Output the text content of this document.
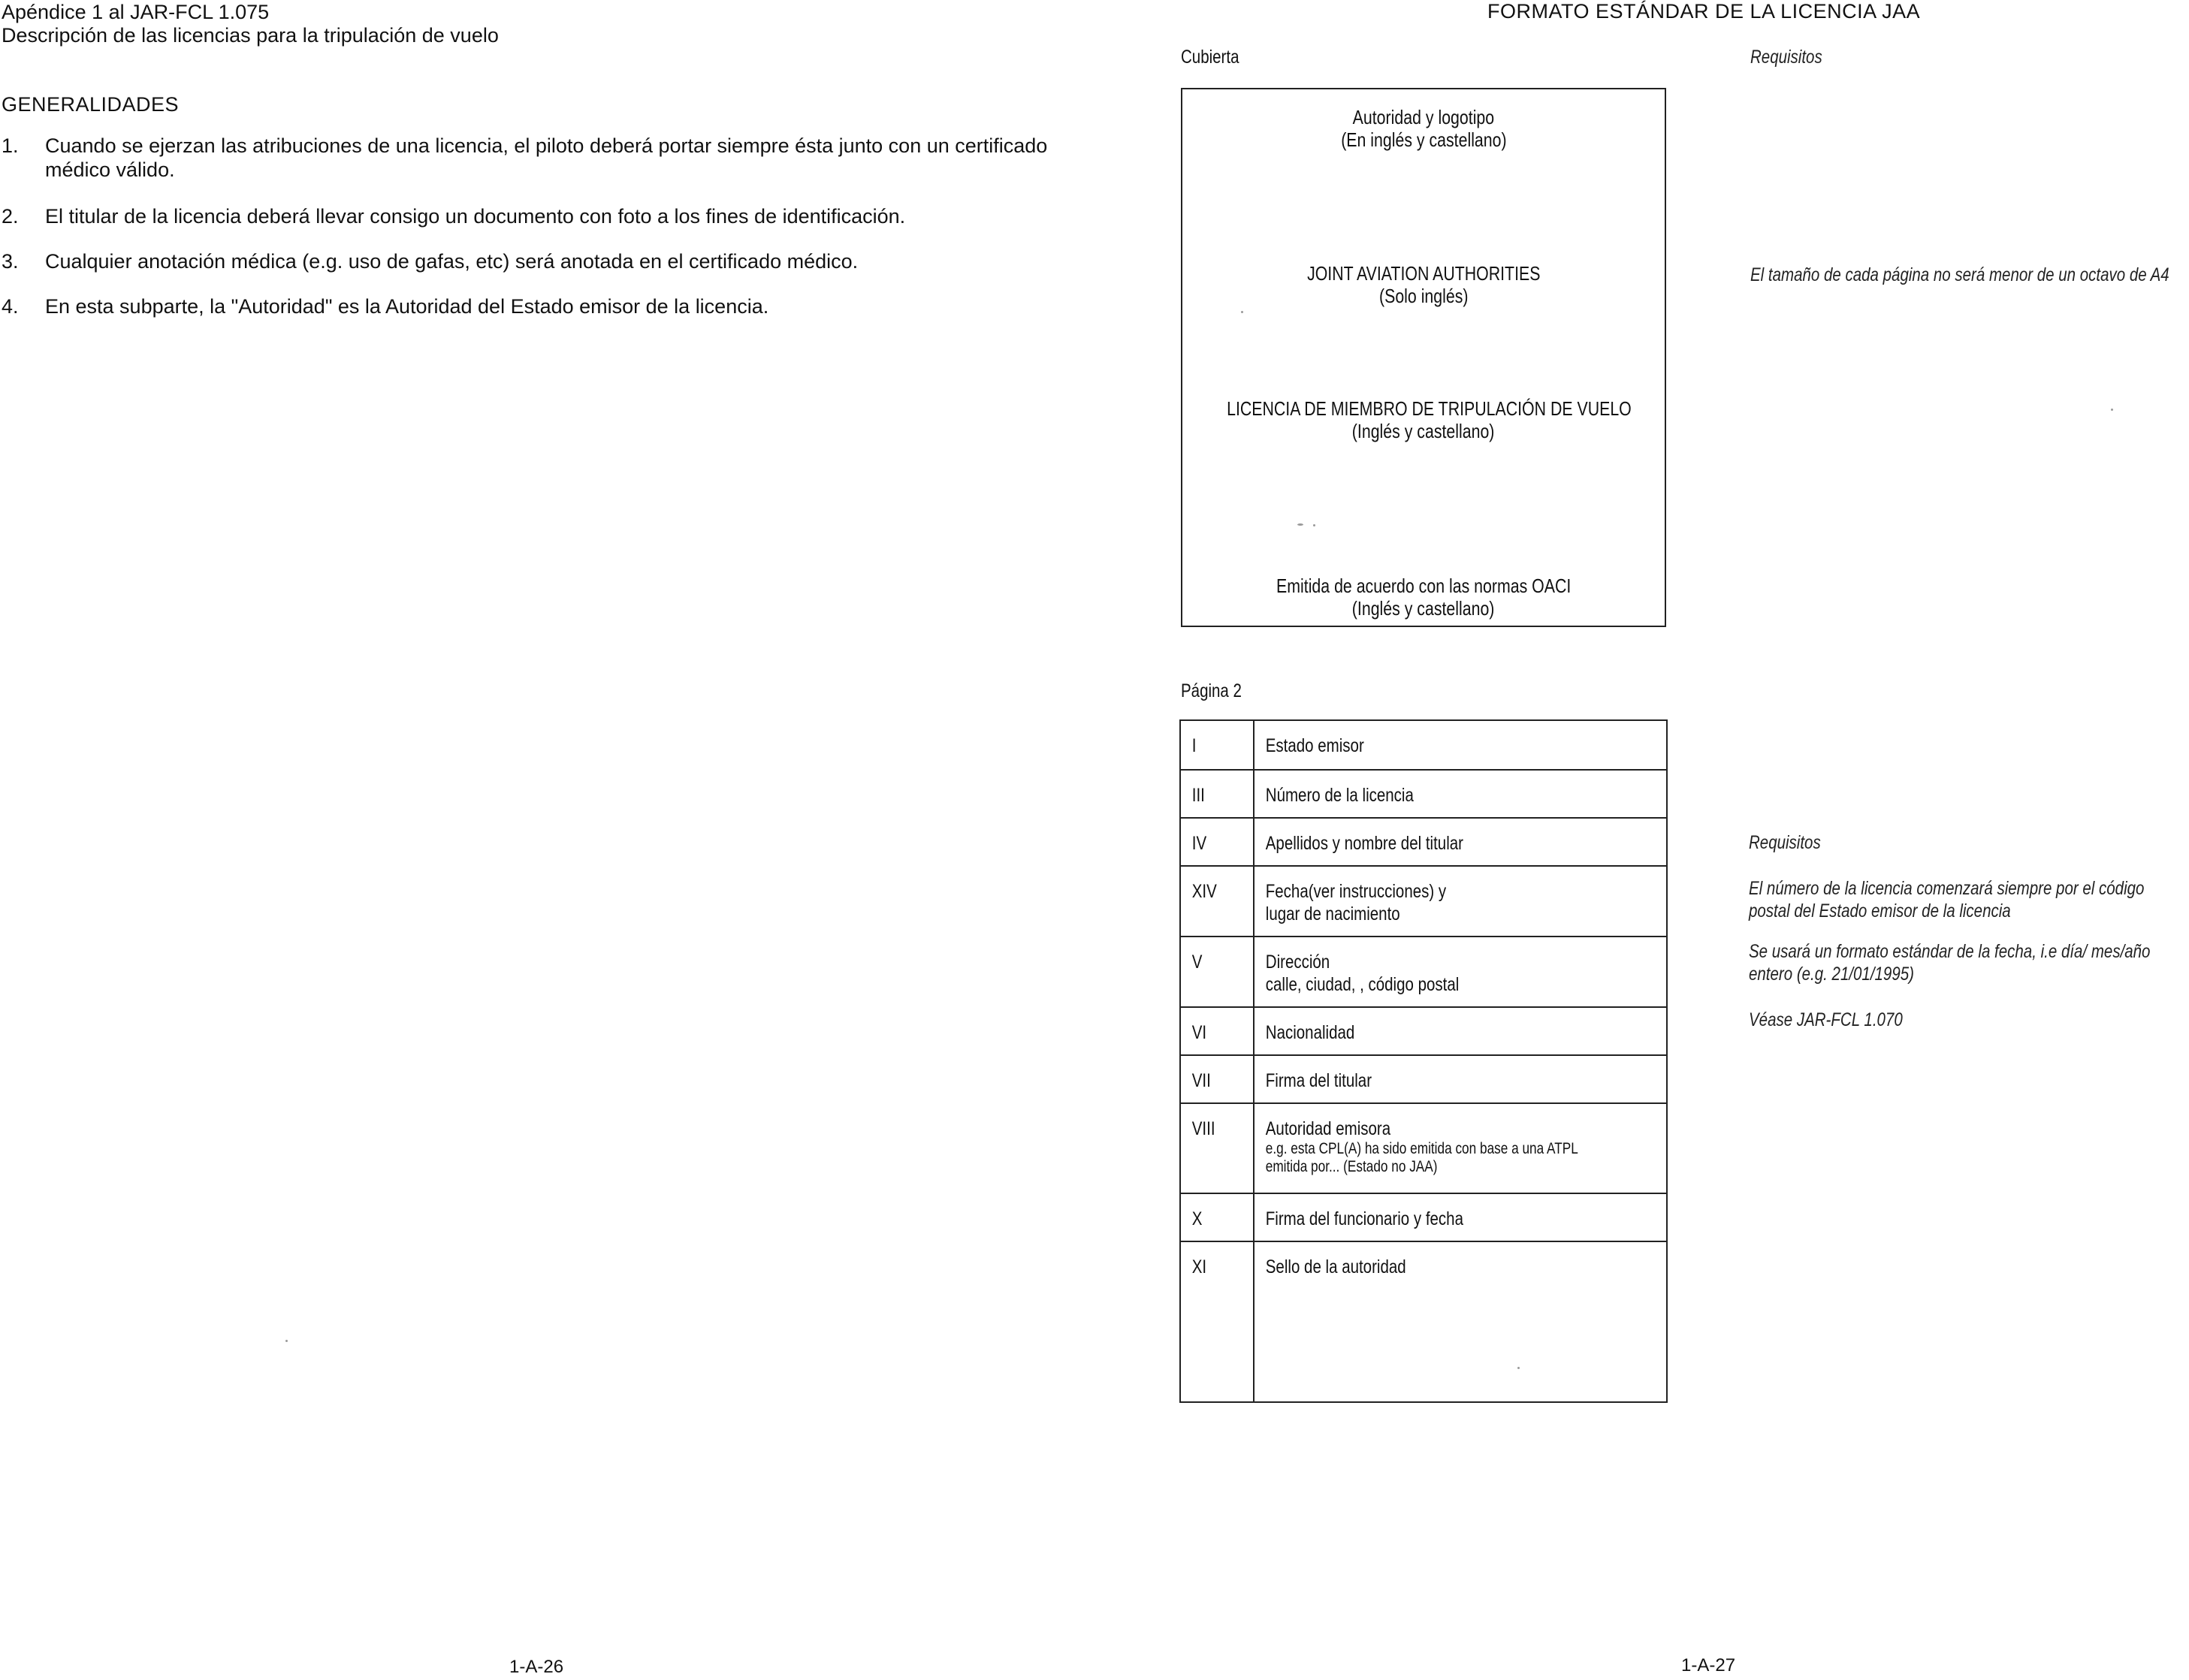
Apéndice 1 al JAR-FCL 1.075
Descripción de las licencias para la tripulación de vuelo
GENERALIDADES
1. Cuando se ejerzan las atribuciones de una licencia, el piloto deberá portar siempre ésta junto con un certificado médico válido.
2. El titular de la licencia deberá llevar consigo un documento con foto a los fines de identificación.
3. Cualquier anotación médica (e.g. uso de gafas, etc) será anotada en el certificado médico.
4. En esta subparte, la "Autoridad" es la Autoridad del Estado emisor de la licencia.
1-A-26
FORMATO ESTÁNDAR DE LA LICENCIA JAA
Cubierta	Requisitos
Autoridad y logotipo
(En inglés y castellano)
JOINT AVIATION AUTHORITIES
(Solo inglés)
LICENCIA DE MIEMBRO DE TRIPULACIÓN DE VUELO
(Inglés y castellano)
Emitida de acuerdo con las normas OACI
(Inglés y castellano)
El tamaño de cada página no será menor de un octavo de A4
Página 2
I	Estado emisor

III	Número de la licencia

IV	Apellidos y nombre del titular

XIV	Fecha(ver instrucciones) y
lugar de nacimiento

V	Dirección
calle, ciudad, , código postal

VI	Nacionalidad

VII	Firma del titular

VIII	Autoridad emisora
e.g. esta CPL(A) ha sido emitida con base a una ATPL
emitida por... (Estado no JAA)

X	Firma del funcionario y fecha

XI	Sello de la autoridad
Requisitos
El número de la licencia comenzará siempre por el código
postal del Estado emisor de la licencia
Se usará un formato estándar de la fecha, i.e día/ mes/año
entero (e.g. 21/01/1995)
Véase JAR-FCL 1.070
1-A-27
